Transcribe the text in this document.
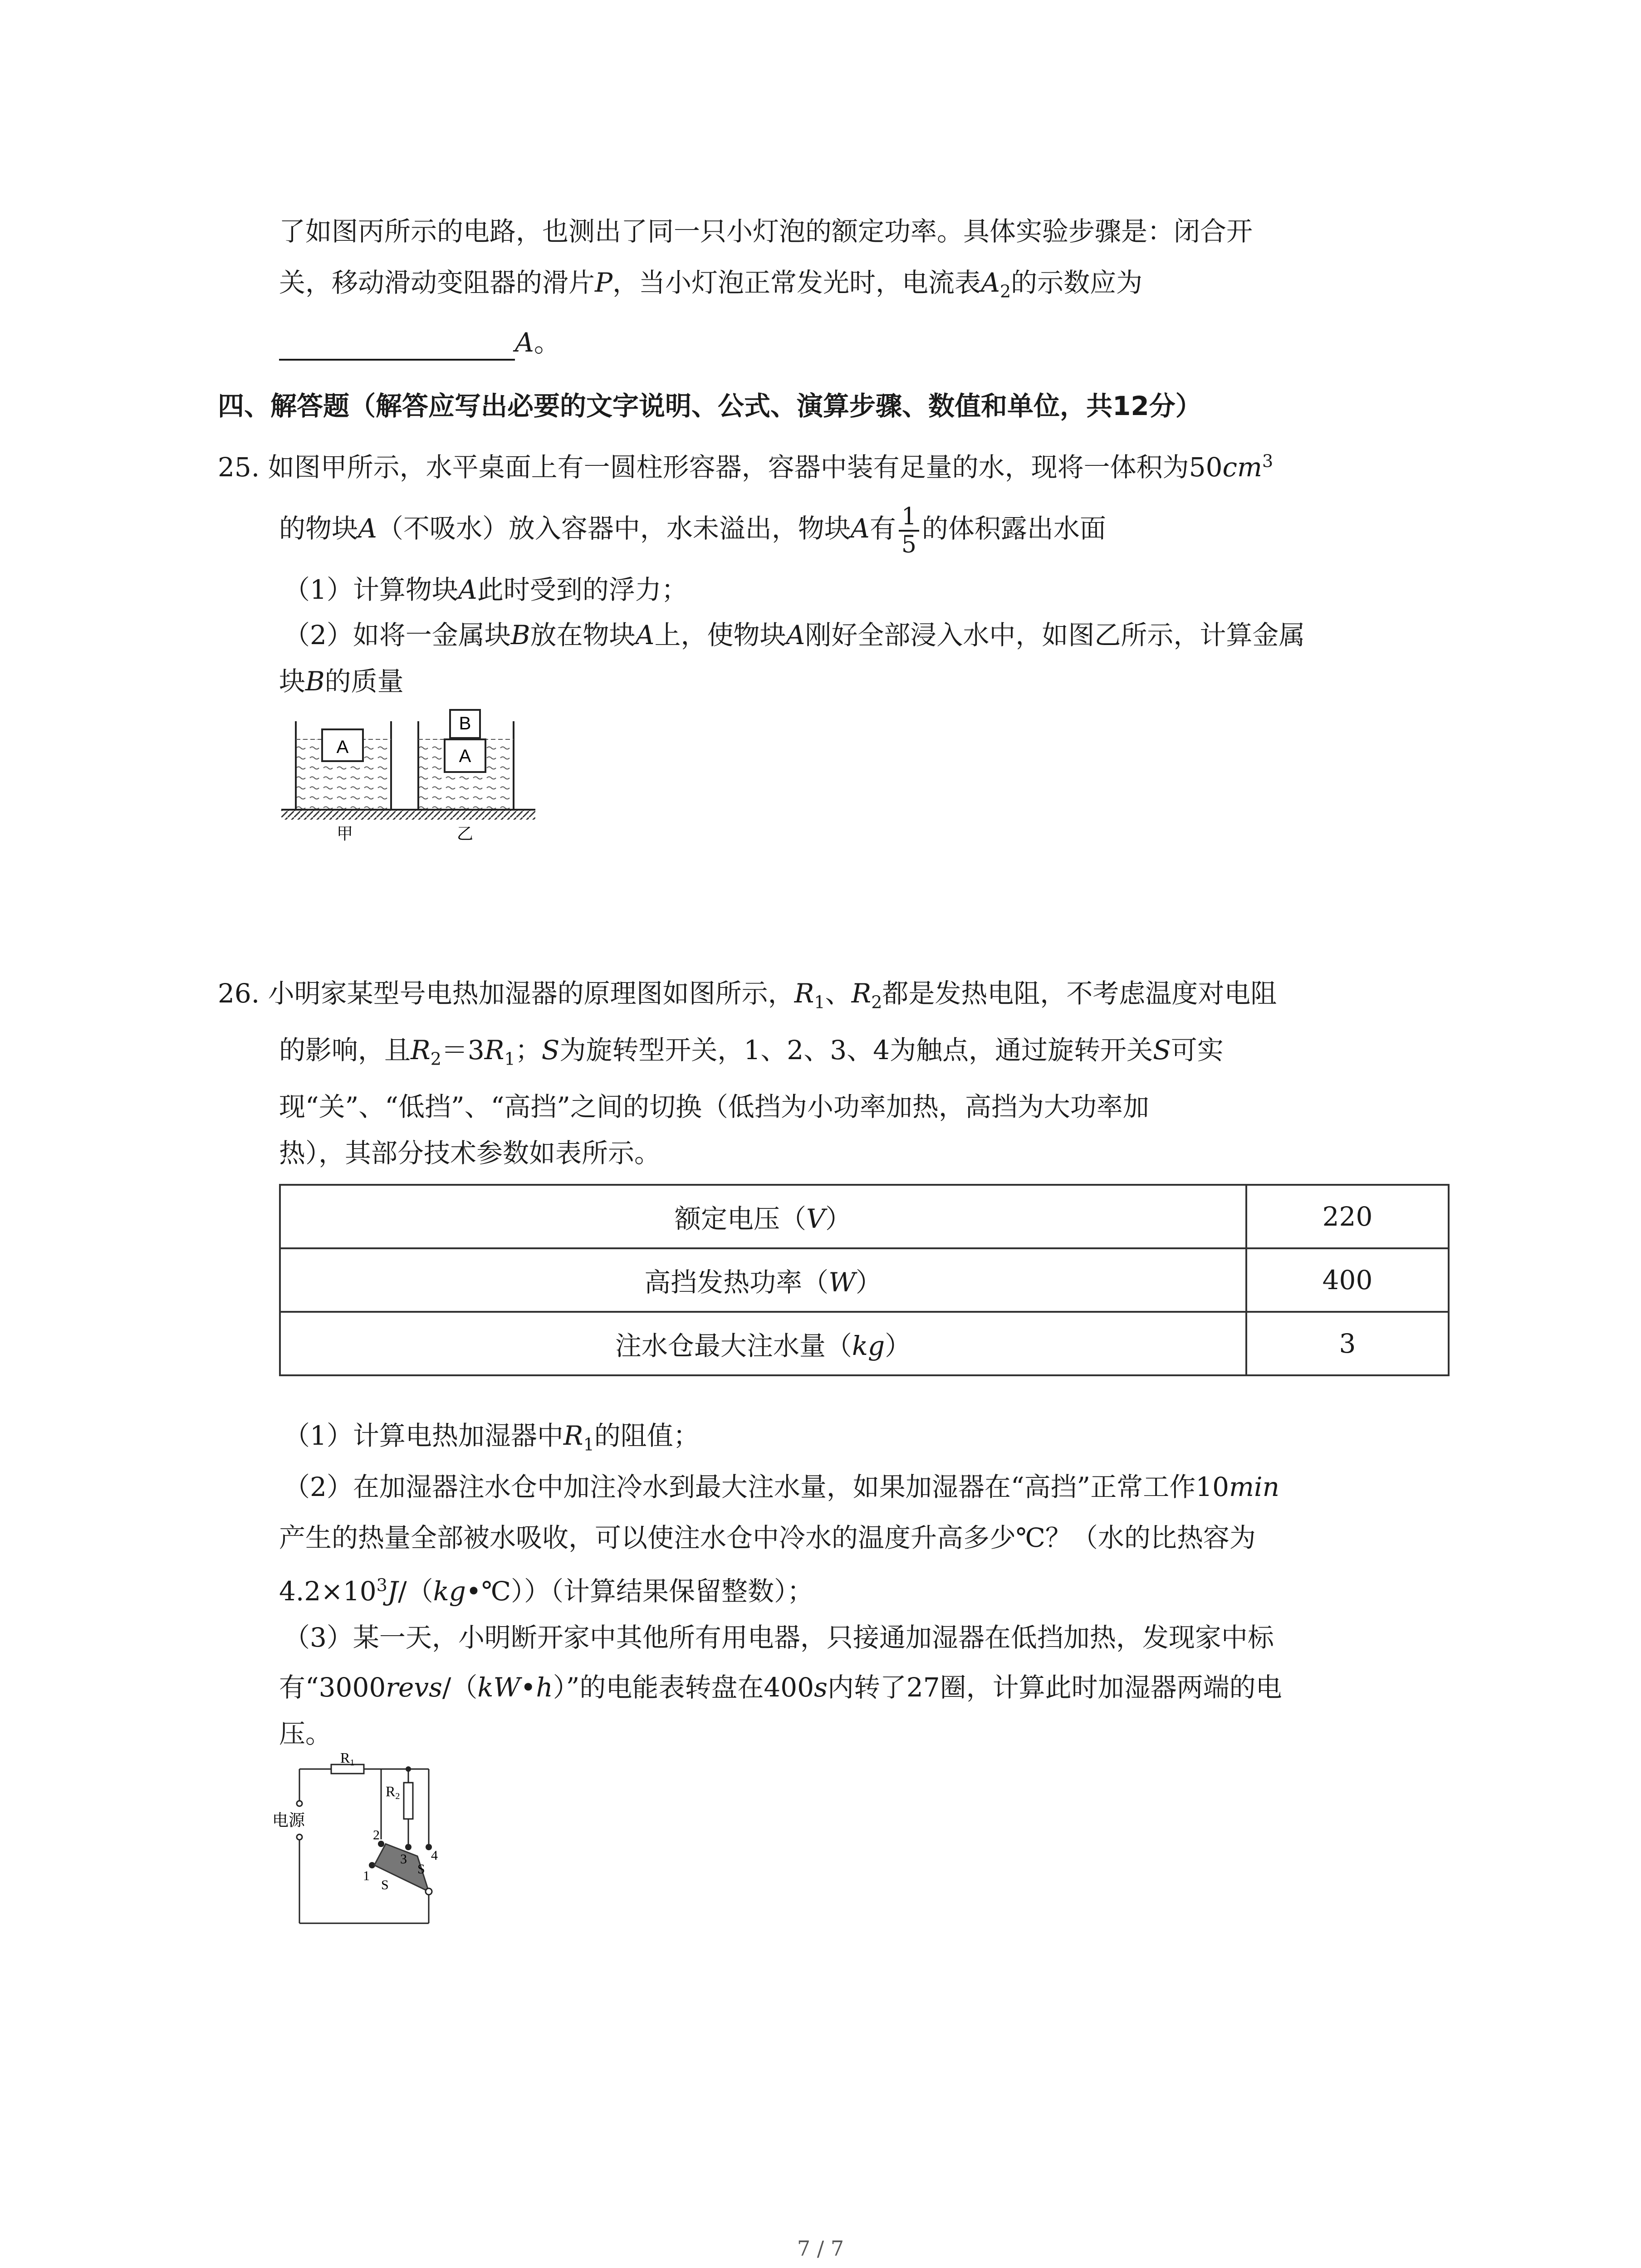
了如图丙所示的电路，也测出了同一只小灯泡的额定功率。具体实验步骤是：闭合开
关，移动滑动变阻器的滑片P，当小灯泡正常发光时，电流表$A_2$的示数应为
A。
四、解答题（解答应写出必要的文字说明、公式、演算步骤、数值和单位，共12分）
25. 如图甲所示，水平桌面上有一圆柱形容器，容器中装有足量的水，现将一体积为$50cm^3$
的物块A（不吸水）放入容器中，水未溢出，物块A有 $\frac{1}{5}$ 的体积露出水面
（1）计算物块A此时受到的浮力；
（2）如将一金属块B放在物块A上，使物块A刚好全部浸入水中，如图乙所示，计算金属
块B的质量
A
B
A
甲	乙
26. 小明家某型号电热加湿器的原理图如图所示，$R_1$、$R_2$都是发热电阻，不考虑温度对电阻
的影响，且$R_2=3R_1$；S为旋转型开关，1、2、3、4为触点，通过旋转开关S可实
现“关”、“低挡”、“高挡”之间的切换（低挡为小功率加热，高挡为大功率加
热），其部分技术参数如表所示。
额定电压（V）	220
高挡发热功率（W）	400
注水仓最大注水量（kg）	3
（1）计算电热加湿器中$R_1$的阻值；
（2）在加湿器注水仓中加注冷水到最大注水量，如果加湿器在“高挡”正常工作10min
产生的热量全部被水吸收，可以使注水仓中冷水的温度升高多少℃？（水的比热容为
$4.2\times 10^3J/(kg•℃)$）（计算结果保留整数）；
（3）某一天，小明断开家中其他所有用电器，只接通加湿器在低挡加热，发现家中标
有“3000revs/（kW•h）”的电能表转盘在400s内转了27圈，计算此时加湿器两端的电
压。
R1
R2
电源
1
2
3 4
S
S
7 / 7
